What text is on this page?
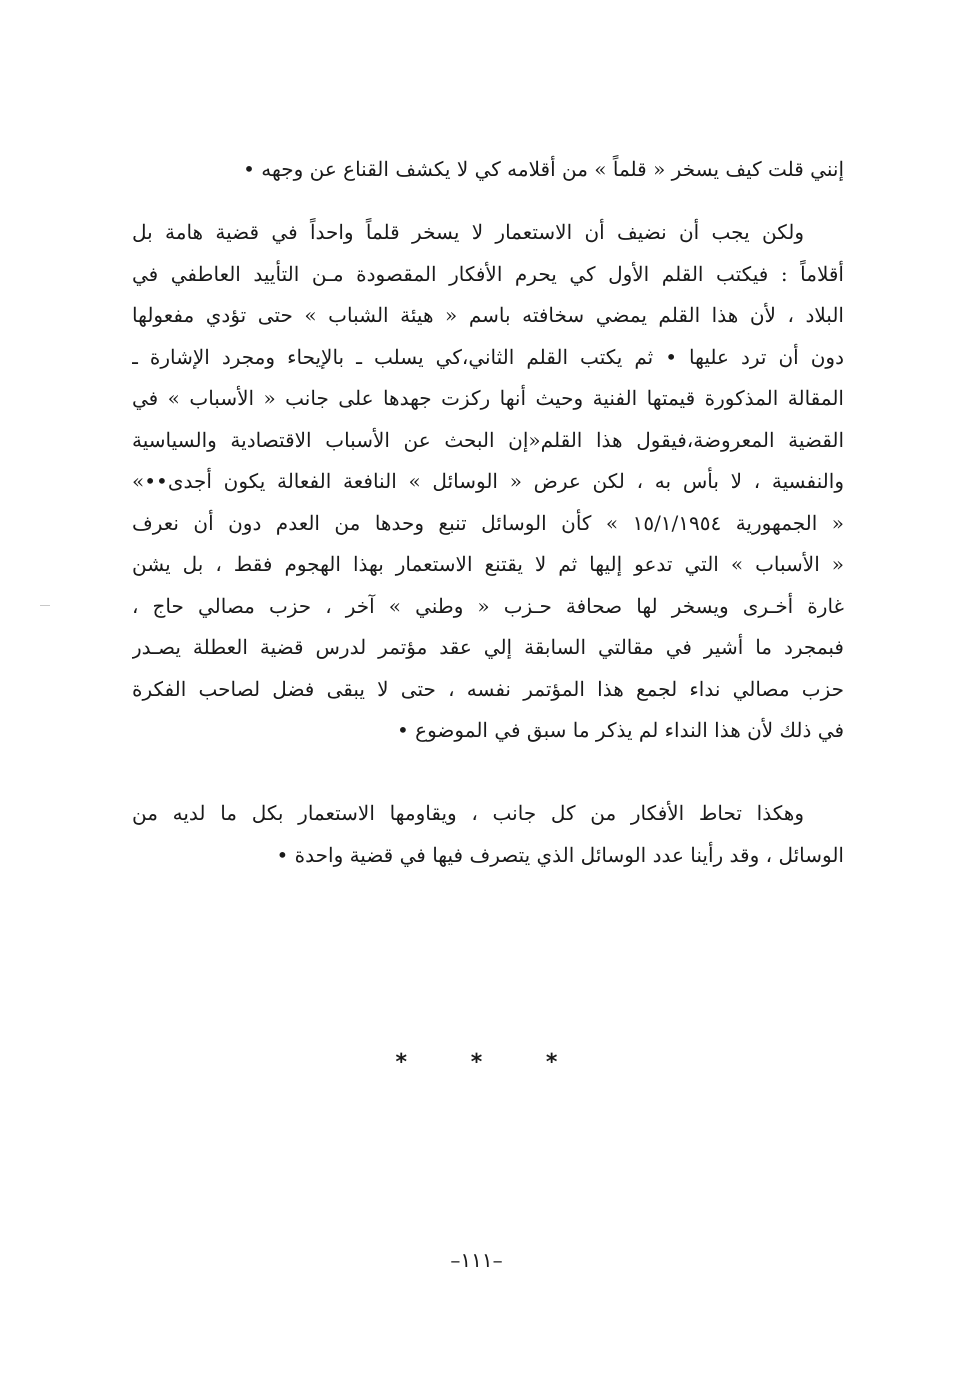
إنني قلت كيف يسخر « قلماً » من أقلامه كي لا يكشف القناع عن وجهه •
ولكن يجب أن نضيف أن الاستعمار لا يسخر قلماً واحداً في قضية هامة بل
أقلاماً : فيكتب القلم الأول كي يحرم الأفكار المقصودة مـن التأييد العاطفي في
البلاد ، لأن هذا القلم يمضي سخافته باسم « هيئة الشباب » حتى تؤدي مفعولها
دون أن ترد عليها • ثم يكتب القلم الثاني،كي يسلب ـ بالإيحاء ومجرد الإشارة ـ
المقالة المذكورة قيمتها الفنية وحيث أنها ركزت جهدها على جانب « الأسباب » في
القضية المعروضة،فيقول هذا القلم«إن البحث عن الأسباب الاقتصادية والسياسية
والنفسية ، لا بأس به ، لكن عرض « الوسائل » النافعة الفعالة يكون أجدى••»
« الجمهورية ١٥/١/١٩٥٤ » كأن الوسائل تنبع وحدها من العدم دون أن نعرف
« الأسباب » التي تدعو إليها ثم لا يقتنع الاستعمار بهذا الهجوم فقط ، بل يشن
غارة أخـرى ويسخر لها صحافة حـزب « وطني » آخر ، حزب مصالي حاج ،
فبمجرد ما أشير في مقالتي السابقة إلي عقد مؤتمر لدرس قضية العطلة يصـدر
حزب مصالي نداء لجمع هذا المؤتمر نفسه ، حتى لا يبقى فضل لصاحب الفكرة
في ذلك لأن هذا النداء لم يذكر ما سبق في الموضوع •
وهكذا تحاط الأفكار من كل جانب ، ويقاومها الاستعمار بكل ما لديه من
الوسائل ، وقد رأينا عدد الوسائل الذي يتصرف فيها في قضية واحدة •
*	*	*
–١١١–
